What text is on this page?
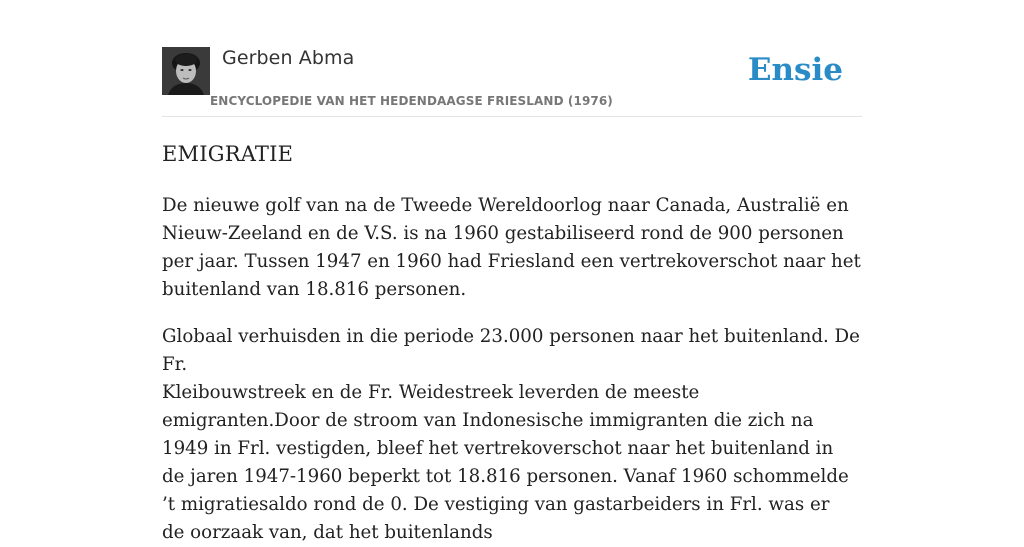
Gerben Abma
ENCYCLOPEDIE VAN HET HEDENDAAGSE FRIESLAND (1976)
Ensie
EMIGRATIE

De nieuwe golf van na de Tweede Wereldoorlog naar Canada, Australië en Nieuw-Zeeland en de V.S. is na 1960 gestabiliseerd rond de 900 personen per jaar. Tussen 1947 en 1960 had Friesland een vertrekoverschot naar het buitenland van 18.816 personen.

Globaal verhuisden in die periode 23.000 personen naar het buitenland. De Fr.

Kleibouwstreek en de Fr. Weidestreek leverden de meeste emigranten.Door de stroom van Indonesische immigranten die zich na 1949 in Frl. vestigden, bleef het vertrekoverschot naar het buitenland in de jaren 1947-1960 beperkt tot 18.816 personen. Vanaf 1960 schommelde ’t migratiesaldo rond de 0. De vestiging van gastarbeiders in Frl. was er de oorzaak van, dat het buitenlands
